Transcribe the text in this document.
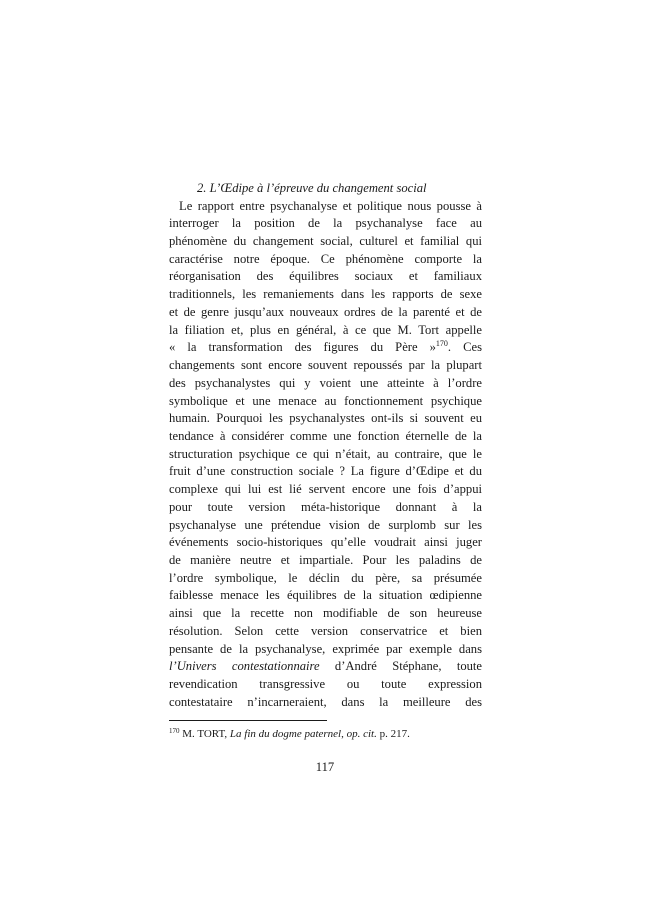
2. L’Œdipe à l’épreuve du changement social

Le rapport entre psychanalyse et politique nous pousse à
interroger la position de la psychanalyse face au
phénomène du changement social, culturel et familial qui
caractérise notre époque. Ce phénomène comporte la
réorganisation des équilibres sociaux et familiaux
traditionnels, les remaniements dans les rapports de sexe
et de genre jusqu’aux nouveaux ordres de la parenté et de
la filiation et, plus en général, à ce que M. Tort appelle
« la transformation des figures du Père »$^{170}$. Ces
changements sont encore souvent repoussés par la plupart
des psychanalystes qui y voient une atteinte à l’ordre
symbolique et une menace au fonctionnement psychique
humain. Pourquoi les psychanalystes ont-ils si souvent eu
tendance à considérer comme une fonction éternelle de la
structuration psychique ce qui n’était, au contraire, que le
fruit d’une construction sociale ? La figure d’Œdipe et du
complexe qui lui est lié servent encore une fois d’appui
pour toute version méta-historique donnant à la
psychanalyse une prétendue vision de surplomb sur les
événements socio-historiques qu’elle voudrait ainsi juger
de manière neutre et impartiale. Pour les paladins de
l’ordre symbolique, le déclin du père, sa présumée
faiblesse menace les équilibres de la situation œdipienne
ainsi que la recette non modifiable de son heureuse
résolution. Selon cette version conservatrice et bien
pensante de la psychanalyse, exprimée par exemple dans
l’Univers contestationnaire d’André Stéphane, toute
revendication transgressive ou toute expression
contestataire n’incarneraient, dans la meilleure des
$^{170}$ M. TORT, La fin du dogme paternel, op. cit. p. 217.
117
